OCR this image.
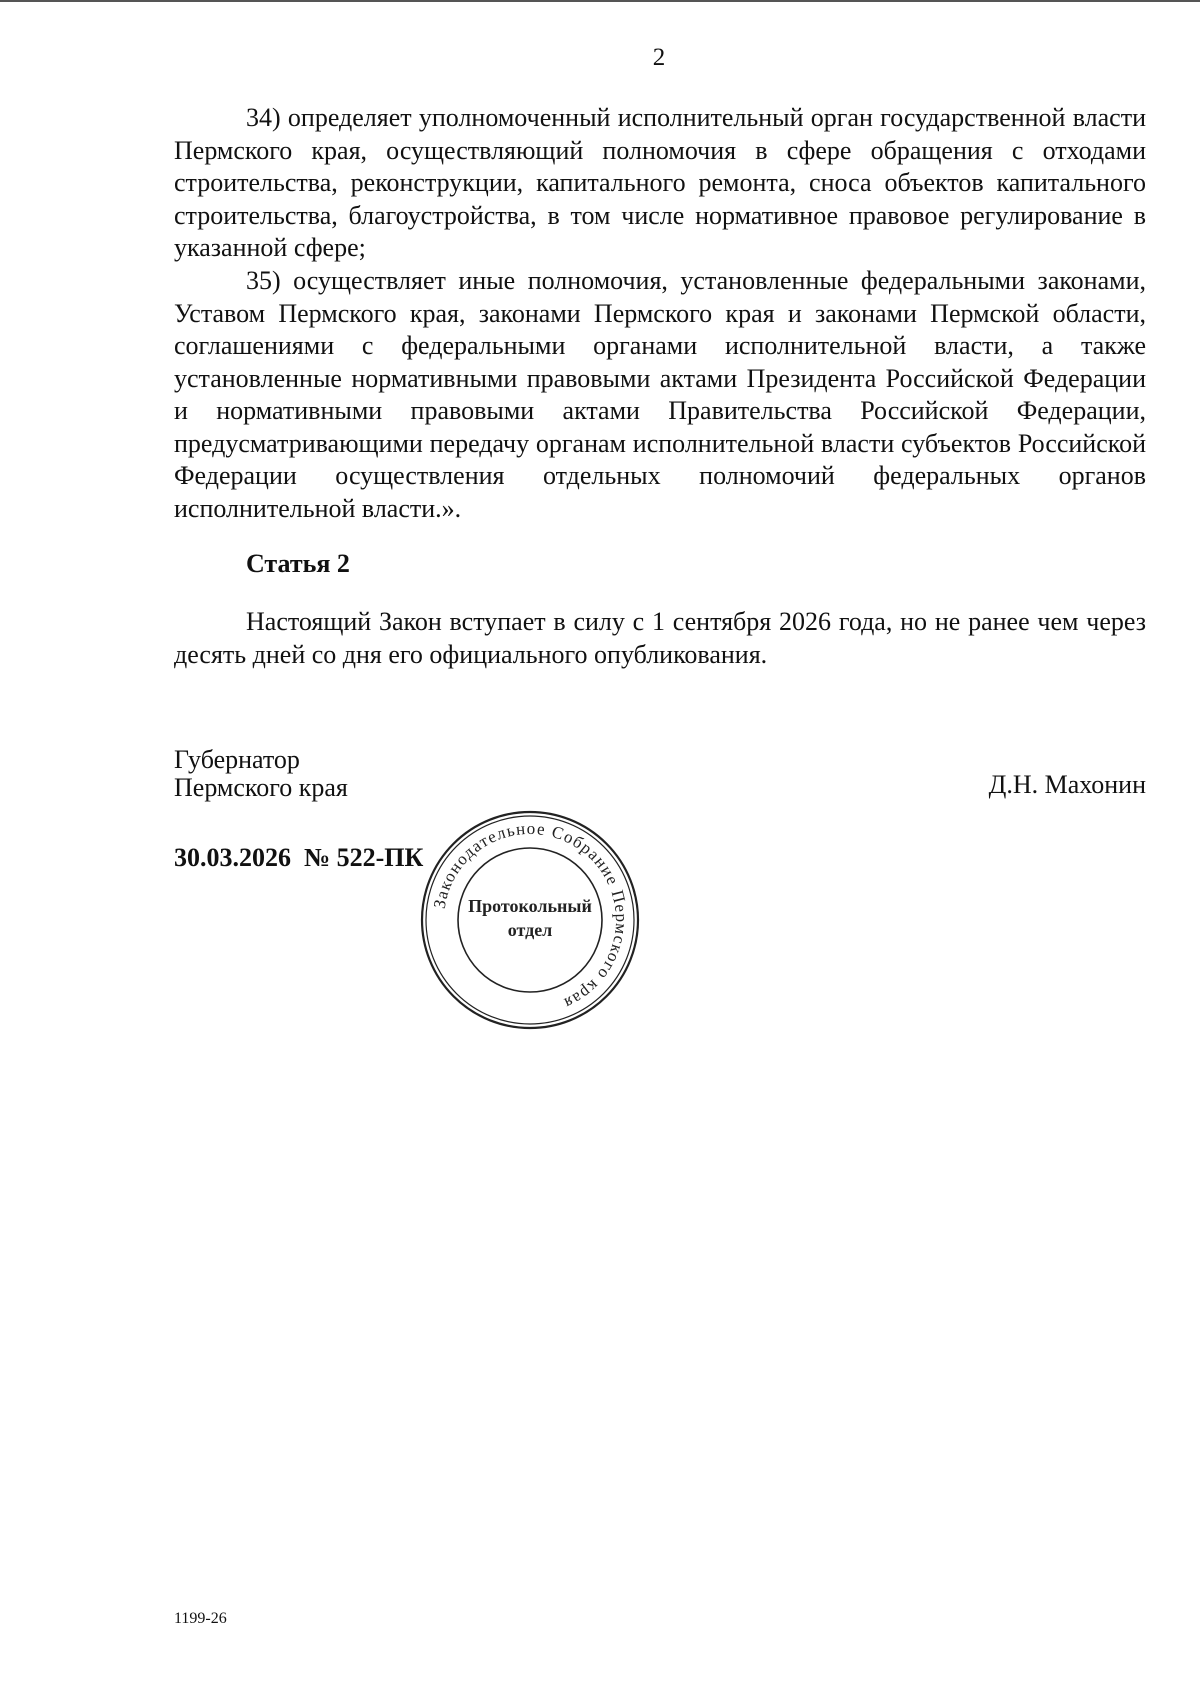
2

34) определяет уполномоченный исполнительный орган государственной власти Пермского края, осуществляющий полномочия в сфере обращения с отходами строительства, реконструкции, капитального ремонта, сноса объектов капитального строительства, благоустройства, в том числе нормативное правовое регулирование в указанной сфере;

35) осуществляет иные полномочия, установленные федеральными законами, Уставом Пермского края, законами Пермского края и законами Пермской области, соглашениями с федеральными органами исполнительной власти, а также установленные нормативными правовыми актами Президента Российской Федерации и нормативными правовыми актами Правительства Российской Федерации, предусматривающими передачу органам исполнительной власти субъектов Российской Федерации осуществления отдельных полномочий федеральных органов исполнительной власти.».

Статья 2

Настоящий Закон вступает в силу с 1 сентября 2026 года, но не ранее чем через десять дней со дня его официального опубликования.

Губернатор
Пермского края	Д.Н. Махонин
30.03.2026  № 522-ПК
Законодательное Собрание Пермского края
Протокольный
отдел
1199-26
